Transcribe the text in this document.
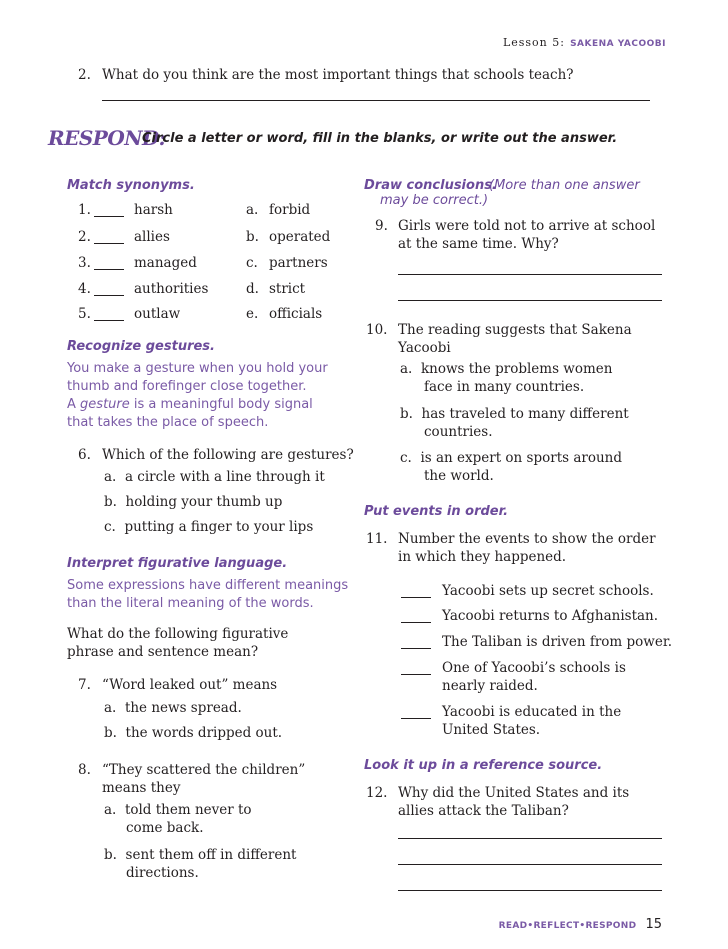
Lesson 5: SAKENA YACOOBI
2. What do you think are the most important things that schools teach?
RESPOND:
Circle a letter or word, fill in the blanks, or write out the answer.
Match synonyms.
1.	harsh	a. forbid
2.	allies	b. operated
3.	managed	c. partners
4.	authorities	d. strict
5.	outlaw	e. officials
Recognize gestures.
You make a gesture when you hold your
thumb and forefinger close together.
A gesture is a meaningful body signal
that takes the place of speech.
6. Which of the following are gestures?
a. a circle with a line through it
b. holding your thumb up
c. putting a finger to your lips
Interpret figurative language.
Some expressions have different meanings
than the literal meaning of the words.
What do the following figurative
phrase and sentence mean?
7. “Word leaked out” means
a. the news spread.
b. the words dripped out.
8. “They scattered the children”
means they
a. told them never to
come back.
b. sent them off in different
directions.
Draw conclusions.
(More than one answer
may be correct.)
9. Girls were told not to arrive at school
at the same time. Why?
10. The reading suggests that Sakena
Yacoobi
a. knows the problems women
face in many countries.
b. has traveled to many different
countries.
c. is an expert on sports around
the world.
Put events in order.
11. Number the events to show the order
in which they happened.
Yacoobi sets up secret schools.
Yacoobi returns to Afghanistan.
The Taliban is driven from power.
One of Yacoobi’s schools is
nearly raided.
Yacoobi is educated in the
United States.
Look it up in a reference source.
12. Why did the United States and its
allies attack the Taliban?
READ•REFLECT•RESPOND 15
